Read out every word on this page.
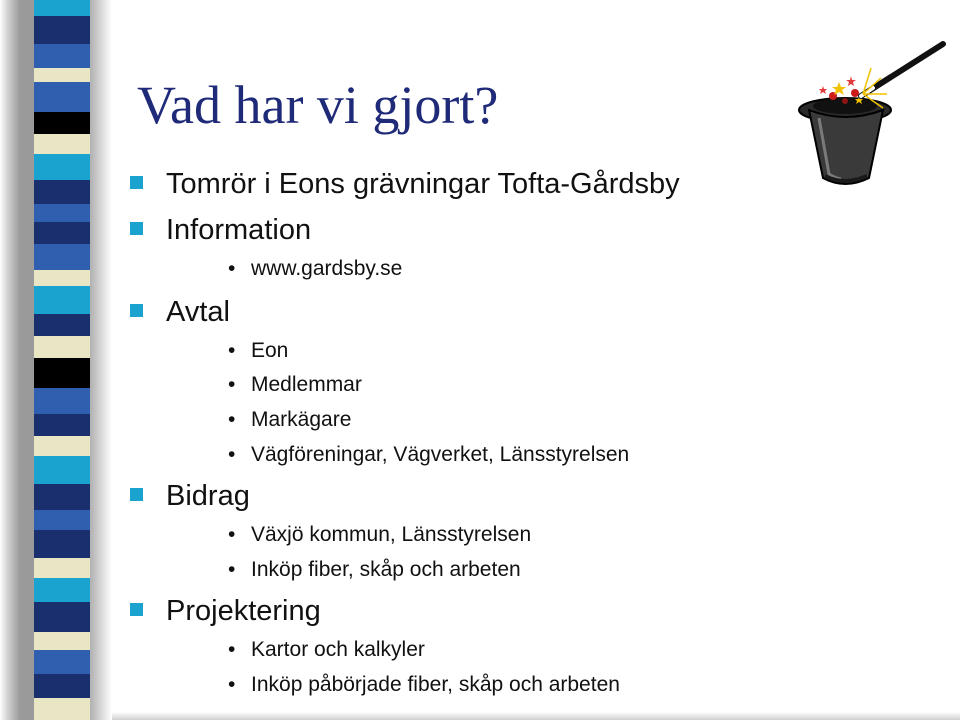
Vad har vi gjort?
Tomrör i Eons grävningar Tofta-Gårdsby
Information
• www.gardsby.se
Avtal
• Eon
• Medlemmar
• Markägare
• Vägföreningar, Vägverket, Länsstyrelsen
Bidrag
• Växjö kommun, Länsstyrelsen
• Inköp fiber, skåp och arbeten
Projektering
• Kartor och kalkyler
• Inköp påbörjade fiber, skåp och arbeten
